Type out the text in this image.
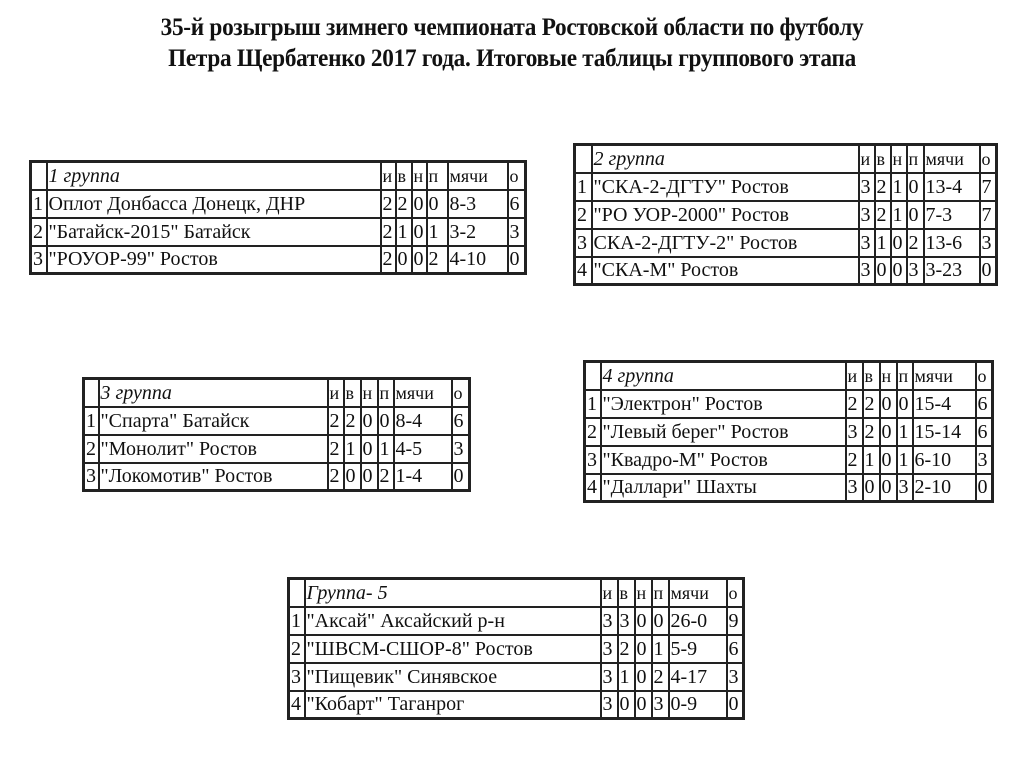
35-й розыгрыш зимнего чемпионата Ростовской области по футболу
Петра Щербатенко 2017 года. Итоговые таблицы группового этапа
	1 группа	и	в	н	п	мячи	о
1	Оплот Донбасса Донецк, ДНР	2	2	0	0	8-3	6
2	"Батайск-2015" Батайск	2	1	0	1	3-2	3
3	"РОУОР-99" Ростов	2	0	0	2	4-10	0
	2 группа	и	в	н	п	мячи	о
1	"СКА-2-ДГТУ" Ростов	3	2	1	0	13-4	7
2	"РО УОР-2000" Ростов	3	2	1	0	7-3	7
3	СКА-2-ДГТУ-2" Ростов	3	1	0	2	13-6	3
4	"СКА-М" Ростов	3	0	0	3	3-23	0
	3 группа	и	в	н	п	мячи	о
1	"Спарта" Батайск	2	2	0	0	8-4	6
2	"Монолит" Ростов	2	1	0	1	4-5	3
3	"Локомотив" Ростов	2	0	0	2	1-4	0
	4 группа	и	в	н	п	мячи	о
1	"Электрон" Ростов	2	2	0	0	15-4	6
2	"Левый берег" Ростов	3	2	0	1	15-14	6
3	"Квадро-М" Ростов	2	1	0	1	6-10	3
4	"Даллари" Шахты	3	0	0	3	2-10	0
	Группа- 5	и	в	н	п	мячи	о
1	"Аксай" Аксайский р-н	3	3	0	0	26-0	9
2	"ШВСМ-СШОР-8" Ростов	3	2	0	1	5-9	6
3	"Пищевик" Синявское	3	1	0	2	4-17	3
4	"Кобарт" Таганрог	3	0	0	3	0-9	0
